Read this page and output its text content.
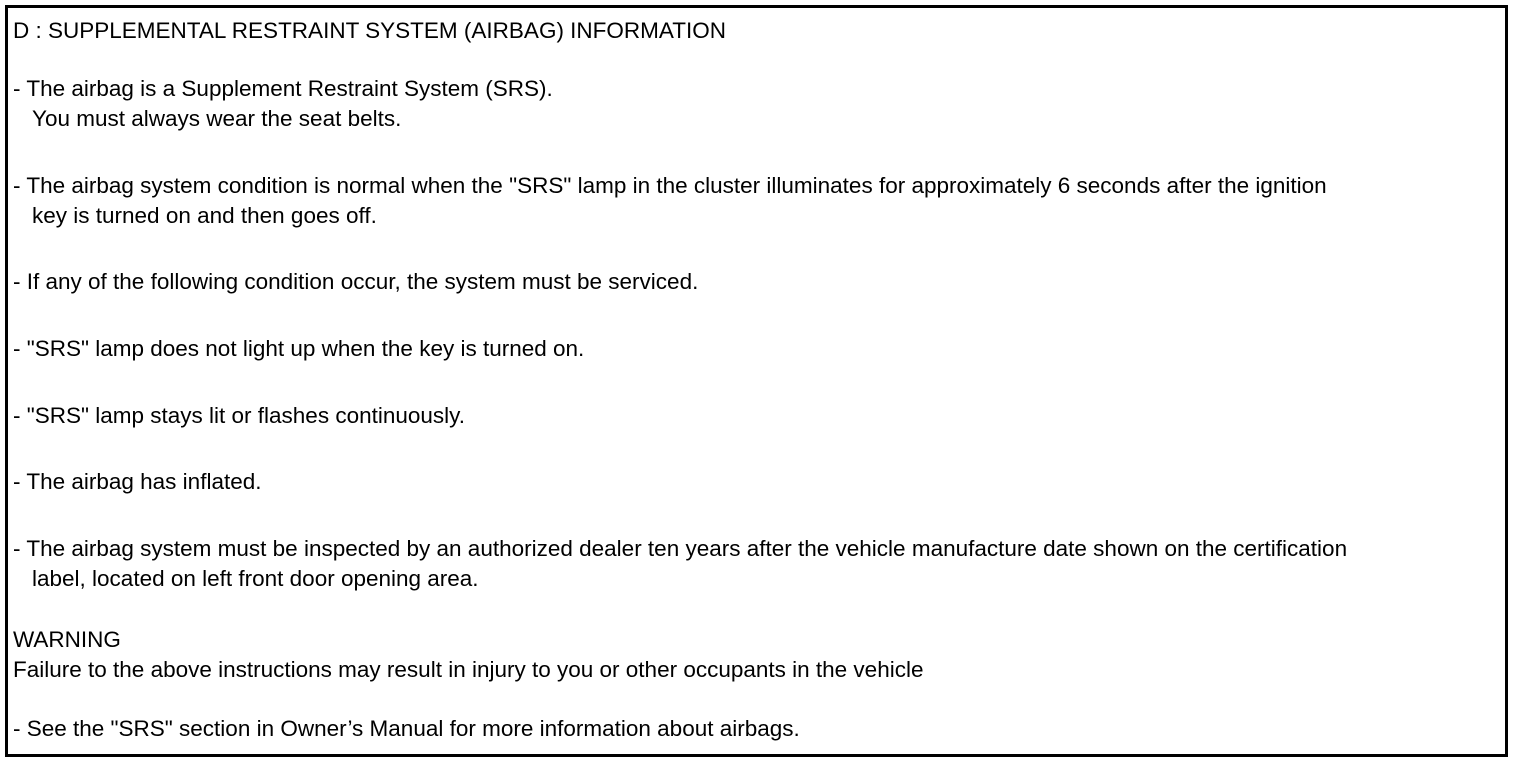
D : SUPPLEMENTAL RESTRAINT SYSTEM (AIRBAG) INFORMATION
- The airbag is a Supplement Restraint System (SRS).
You must always wear the seat belts.
- The airbag system condition is normal when the "SRS" lamp in the cluster illuminates for approximately 6 seconds after the ignition
key is turned on and then goes off.
- If any of the following condition occur, the system must be serviced.
- "SRS" lamp does not light up when the key is turned on.
- "SRS" lamp stays lit or flashes continuously.
- The airbag has inflated.
- The airbag system must be inspected by an authorized dealer ten years after the vehicle manufacture date shown on the certification
label, located on left front door opening area.
WARNING
Failure to the above instructions may result in injury to you or other occupants in the vehicle
- See the "SRS" section in Owner’s Manual for more information about airbags.
